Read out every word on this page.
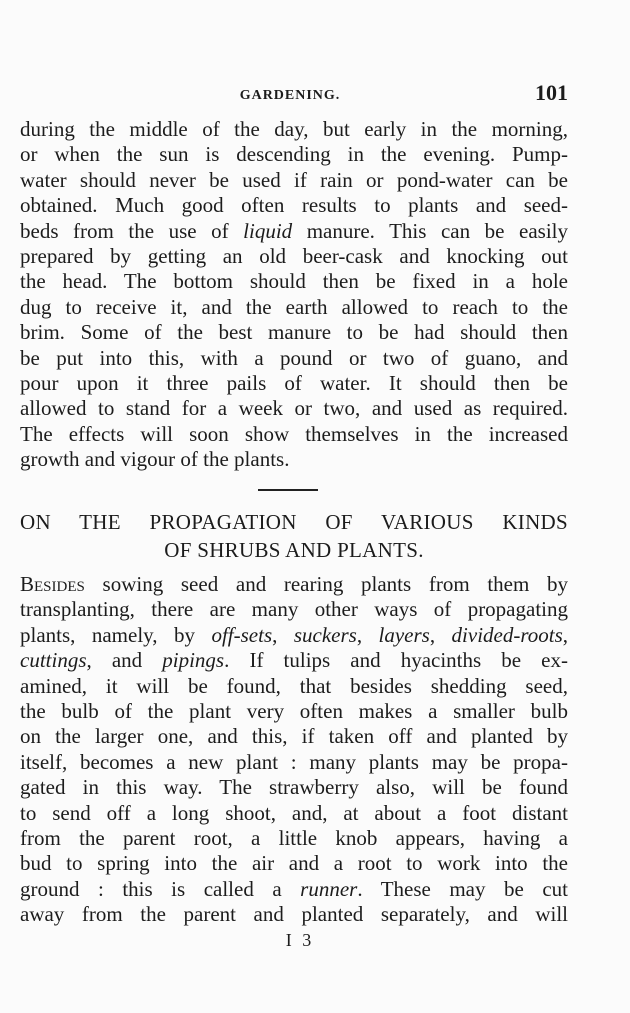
GARDENING.	101
during the middle of the day, but early in the morning,
or when the sun is descending in the evening. Pump-
water should never be used if rain or pond-water can be
obtained. Much good often results to plants and seed-
beds from the use of liquid manure. This can be easily
prepared by getting an old beer-cask and knocking out
the head. The bottom should then be fixed in a hole
dug to receive it, and the earth allowed to reach to the
brim. Some of the best manure to be had should then
be put into this, with a pound or two of guano, and
pour upon it three pails of water. It should then be
allowed to stand for a week or two, and used as required.
The effects will soon show themselves in the increased
growth and vigour of the plants.
ON THE PROPAGATION OF VARIOUS KINDS
OF SHRUBS AND PLANTS.
Besides sowing seed and rearing plants from them by
transplanting, there are many other ways of propagating
plants, namely, by off-sets, suckers, layers, divided-roots,
cuttings, and pipings. If tulips and hyacinths be ex-
amined, it will be found, that besides shedding seed,
the bulb of the plant very often makes a smaller bulb
on the larger one, and this, if taken off and planted by
itself, becomes a new plant : many plants may be propa-
gated in this way. The strawberry also, will be found
to send off a long shoot, and, at about a foot distant
from the parent root, a little knob appears, having a
bud to spring into the air and a root to work into the
ground : this is called a runner. These may be cut
away from the parent and planted separately, and will
I 3
